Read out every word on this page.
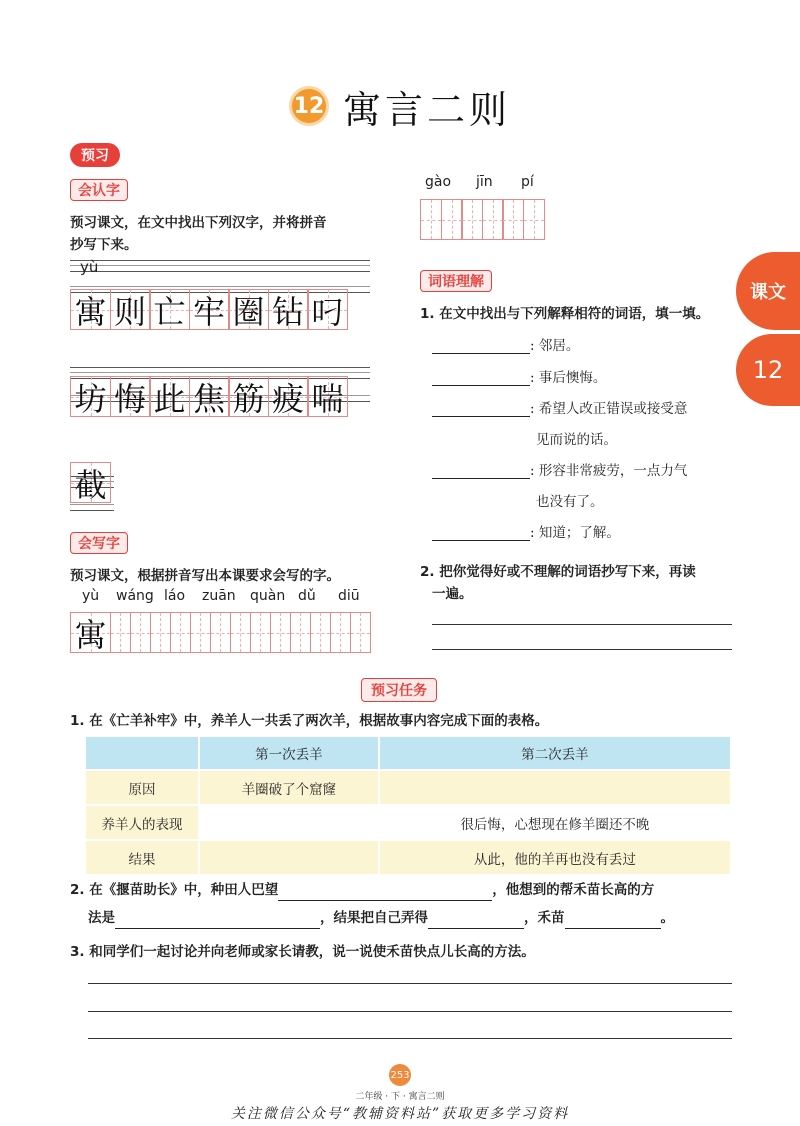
12 寓言二则
预习
会认字
预习课文，在文中找出下列汉字，并将拼音
抄写下来。
yù
寓 则 亡 牢 圈 钻 叼
坊 悔 此 焦 筋 疲 喘
截
会写字
预习课文，根据拼音写出本课要求会写的字。
yù wáng láo zuān quàn dǔ diū
寓
gào jīn pí
词语理解
1. 在文中找出与下列解释相符的词语，填一填。
: 邻居。
: 事后懊悔。
: 希望人改正错误或接受意
见而说的话。
: 形容非常疲劳，一点力气
也没有了。
: 知道；了解。
2. 把你觉得好或不理解的词语抄写下来，再读
一遍。
课文
12
预习任务
1. 在《亡羊补牢》中，养羊人一共丢了两次羊，根据故事内容完成下面的表格。
	第一次丢羊	第二次丢羊
原因	羊圈破了个窟窿	
养羊人的表现		很后悔，心想现在修羊圈还不晚
结果		从此，他的羊再也没有丢过
2. 在《揠苗助长》中，种田人巴望	，他想到的帮禾苗长高的方
法是	，结果把自己弄得	，禾苗	。
3. 和同学们一起讨论并向老师或家长请教，说一说使禾苗快点儿长高的方法。
253
二年级 · 下 · 寓言二则
关注微信公众号“教辅资料站”获取更多学习资料
